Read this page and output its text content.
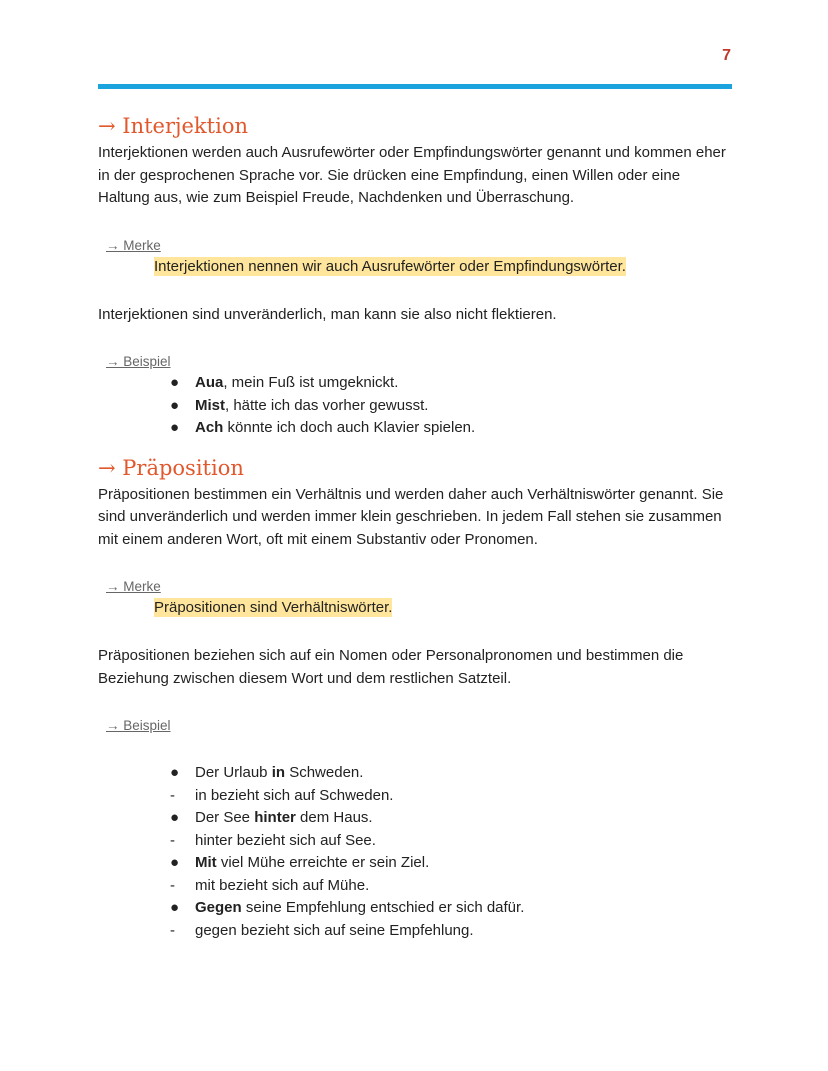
7
→ Interjektion

Interjektionen werden auch Ausrufewörter oder Empfindungswörter genannt und kommen eher in der gesprochenen Sprache vor. Sie drücken eine Empfindung, einen Willen oder eine Haltung aus, wie zum Beispiel Freude, Nachdenken und Überraschung.

→ Merke
Interjektionen nennen wir auch Ausrufewörter oder Empfindungswörter.

Interjektionen sind unveränderlich, man kann sie also nicht flektieren.

→ Beispiel
●	Aua, mein Fuß ist umgeknickt.
●	Mist, hätte ich das vorher gewusst.
●	Ach könnte ich doch auch Klavier spielen.
→ Präposition

Präpositionen bestimmen ein Verhältnis und werden daher auch Verhältniswörter genannt. Sie sind unveränderlich und werden immer klein geschrieben. In jedem Fall stehen sie zusammen mit einem anderen Wort, oft mit einem Substantiv oder Pronomen.

→ Merke
Präpositionen sind Verhältniswörter.

Präpositionen beziehen sich auf ein Nomen oder Personalpronomen und bestimmen die Beziehung zwischen diesem Wort und dem restlichen Satzteil.

→ Beispiel
●	Der Urlaub in Schweden.
-	in bezieht sich auf Schweden.
●	Der See hinter dem Haus.
-	hinter bezieht sich auf See.
●	Mit viel Mühe erreichte er sein Ziel.
-	mit bezieht sich auf Mühe.
●	Gegen seine Empfehlung entschied er sich dafür.
-	gegen bezieht sich auf seine Empfehlung.
